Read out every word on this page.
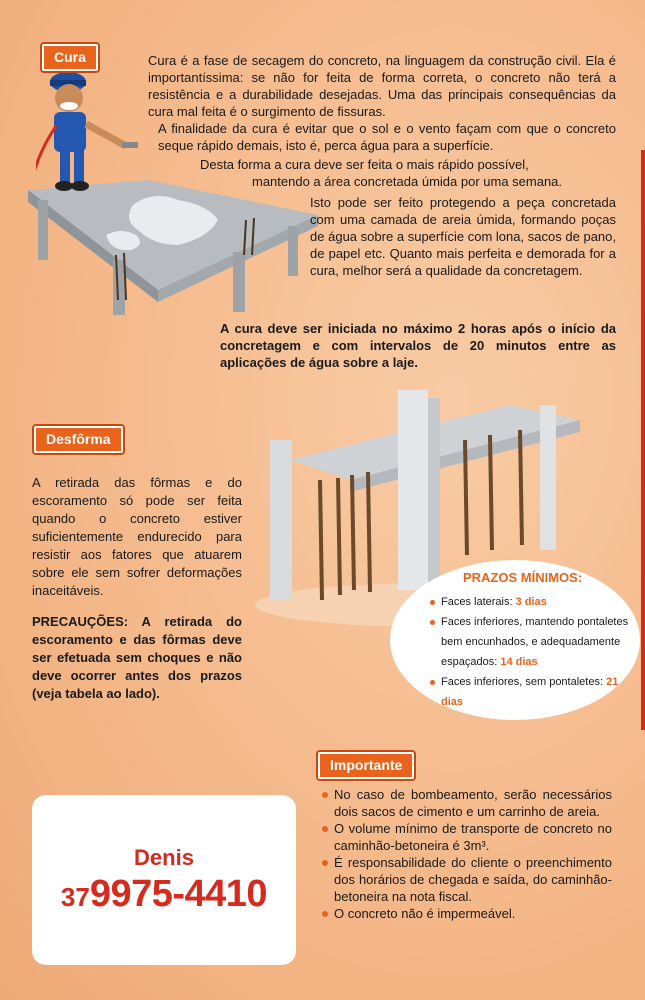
Cura	Cura é a fase de secagem do concreto, na linguagem da construção civil. Ela é importantíssima: se não for feita de forma correta, o concreto não terá a resistência e a durabilidade desejadas. Uma das principais consequências da cura mal feita é o surgimento de fissuras.
A finalidade da cura é evitar que o sol e o vento façam com que o concreto seque rápido demais, isto é, perca água para a superfície.
Desta forma a cura deve ser feita o mais rápido possível,
mantendo a área concretada úmida por uma semana.
Isto pode ser feito protegendo a peça concretada com uma camada de areia úmida, formando poças de água sobre a superfície com lona, sacos de pano, de papel etc. Quanto mais perfeita e demorada for a cura, melhor será a qualidade da concretagem.
A cura deve ser iniciada no máximo 2 horas após o início da concretagem e com intervalos de 20 minutos entre as aplicações de água sobre a laje.
Desfôrma
A retirada das fôrmas e do escoramento só pode ser feita quando o concreto estiver suficientemente endurecido para resistir aos fatores que atuarem sobre ele sem sofrer deformações inaceitáveis.
PRECAUÇÕES: A retirada do escoramento e das fôrmas deve ser efetuada sem choques e não deve ocorrer antes dos prazos (veja tabela ao lado).
PRAZOS MÍNIMOS:
Faces laterais: 3 dias
Faces inferiores, mantendo pontaletes bem encunhados, e adequadamente espaçados: 14 dias
Faces inferiores, sem pontaletes: 21 dias
Importante
No caso de bombeamento, serão necessários dois sacos de cimento e um carrinho de areia.
O volume mínimo de transporte de concreto no caminhão-betoneira é 3m³.
É responsabilidade do cliente o preenchimento dos horários de chegada e saída, do caminhão-betoneira na nota fiscal.
O concreto não é impermeável.
Denis
379975-4410
